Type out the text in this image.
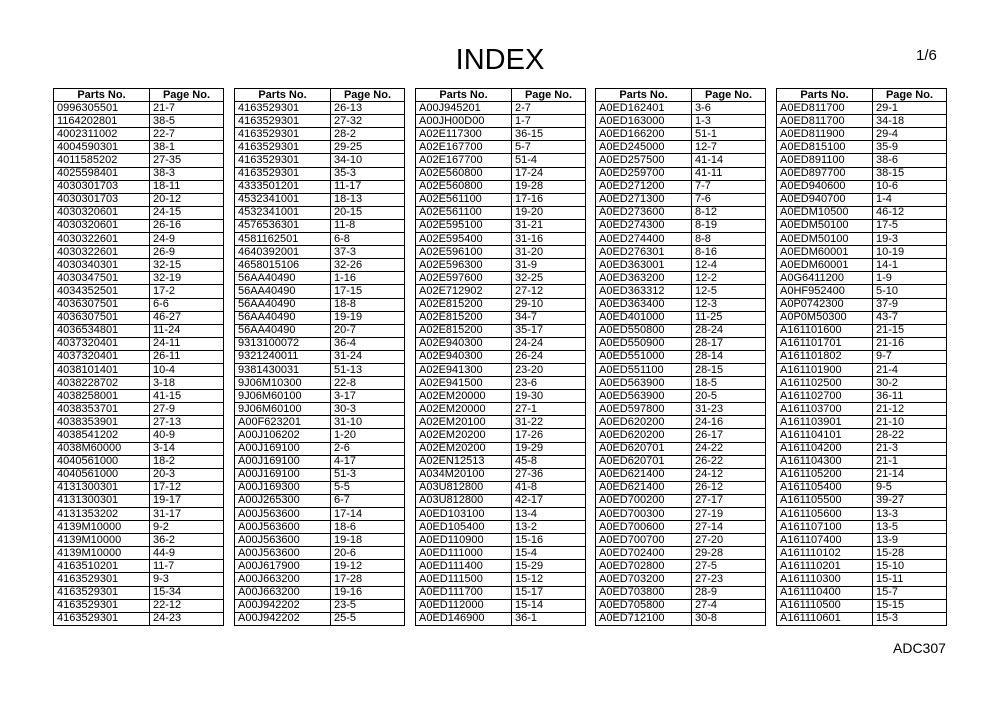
INDEX	1/6
Parts No.	Page No.
0996305501	21-7
1164202801	38-5
4002311002	22-7
4004590301	38-1
4011585202	27-35
4025598401	38-3
4030301703	18-11
4030301703	20-12
4030320601	24-15
4030320601	26-16
4030322601	24-9
4030322601	26-9
4030340301	32-15
4030347501	32-19
4034352501	17-2
4036307501	6-6
4036307501	46-27
4036534801	11-24
4037320401	24-11
4037320401	26-11
4038101401	10-4
4038228702	3-18
4038258001	41-15
4038353701	27-9
4038353901	27-13
4038541202	40-9
4038M60000	3-14
4040561000	18-2
4040561000	20-3
4131300301	17-12
4131300301	19-17
4131353202	31-17
4139M10000	9-2
4139M10000	36-2
4139M10000	44-9
4163510201	11-7
4163529301	9-3
4163529301	15-34
4163529301	22-12
4163529301	24-23
Parts No.	Page No.
4163529301	26-13
4163529301	27-32
4163529301	28-2
4163529301	29-25
4163529301	34-10
4163529301	35-3
4333501201	11-17
4532341001	18-13
4532341001	20-15
4576536301	11-8
4581162501	6-8
4640392001	37-3
4658015106	32-26
56AA40490	1-16
56AA40490	17-15
56AA40490	18-8
56AA40490	19-19
56AA40490	20-7
9313100072	36-4
9321240011	31-24
9381430031	51-13
9J06M10300	22-8
9J06M60100	3-17
9J06M60100	30-3
A00F623201	31-10
A00J106202	1-20
A00J169100	2-6
A00J169100	4-17
A00J169100	51-3
A00J169300	5-5
A00J265300	6-7
A00J563600	17-14
A00J563600	18-6
A00J563600	19-18
A00J563600	20-6
A00J617900	19-12
A00J663200	17-28
A00J663200	19-16
A00J942202	23-5
A00J942202	25-5
Parts No.	Page No.
A00J945201	2-7
A00JH00D00	1-7
A02E117300	36-15
A02E167700	5-7
A02E167700	51-4
A02E560800	17-24
A02E560800	19-28
A02E561100	17-16
A02E561100	19-20
A02E595100	31-21
A02E595400	31-16
A02E596100	31-20
A02E596300	31-9
A02E597600	32-25
A02E712902	27-12
A02E815200	29-10
A02E815200	34-7
A02E815200	35-17
A02E940300	24-24
A02E940300	26-24
A02E941300	23-20
A02E941500	23-6
A02EM20000	19-30
A02EM20000	27-1
A02EM20100	31-22
A02EM20200	17-26
A02EM20200	19-29
A02EN12513	45-8
A034M20100	27-36
A03U812800	41-8
A03U812800	42-17
A0ED103100	13-4
A0ED105400	13-2
A0ED110900	15-16
A0ED111000	15-4
A0ED111400	15-29
A0ED111500	15-12
A0ED111700	15-17
A0ED112000	15-14
A0ED146900	36-1
Parts No.	Page No.
A0ED162401	3-6
A0ED163000	1-3
A0ED166200	51-1
A0ED245000	12-7
A0ED257500	41-14
A0ED259700	41-11
A0ED271200	7-7
A0ED271300	7-6
A0ED273600	8-12
A0ED274300	8-19
A0ED274400	8-8
A0ED276301	8-16
A0ED363001	12-4
A0ED363200	12-2
A0ED363312	12-5
A0ED363400	12-3
A0ED401000	11-25
A0ED550800	28-24
A0ED550900	28-17
A0ED551000	28-14
A0ED551100	28-15
A0ED563900	18-5
A0ED563900	20-5
A0ED597800	31-23
A0ED620200	24-16
A0ED620200	26-17
A0ED620701	24-22
A0ED620701	26-22
A0ED621400	24-12
A0ED621400	26-12
A0ED700200	27-17
A0ED700300	27-19
A0ED700600	27-14
A0ED700700	27-20
A0ED702400	29-28
A0ED702800	27-5
A0ED703200	27-23
A0ED703800	28-9
A0ED705800	27-4
A0ED712100	30-8
Parts No.	Page No.
A0ED811700	29-1
A0ED811700	34-18
A0ED811900	29-4
A0ED815100	35-9
A0ED891100	38-6
A0ED897700	38-15
A0ED940600	10-6
A0ED940700	1-4
A0EDM10500	46-12
A0EDM50100	17-5
A0EDM50100	19-3
A0EDM60001	10-19
A0EDM60001	14-1
A0G6411200	1-9
A0HF952400	5-10
A0P0742300	37-9
A0P0M50300	43-7
A161101600	21-15
A161101701	21-16
A161101802	9-7
A161101900	21-4
A161102500	30-2
A161102700	36-11
A161103700	21-12
A161103901	21-10
A161104101	28-22
A161104200	21-3
A161104300	21-1
A161105200	21-14
A161105400	9-5
A161105500	39-27
A161105600	13-3
A161107100	13-5
A161107400	13-9
A161110102	15-28
A161110201	15-10
A161110300	15-11
A161110400	15-7
A161110500	15-15
A161110601	15-3
ADC307
